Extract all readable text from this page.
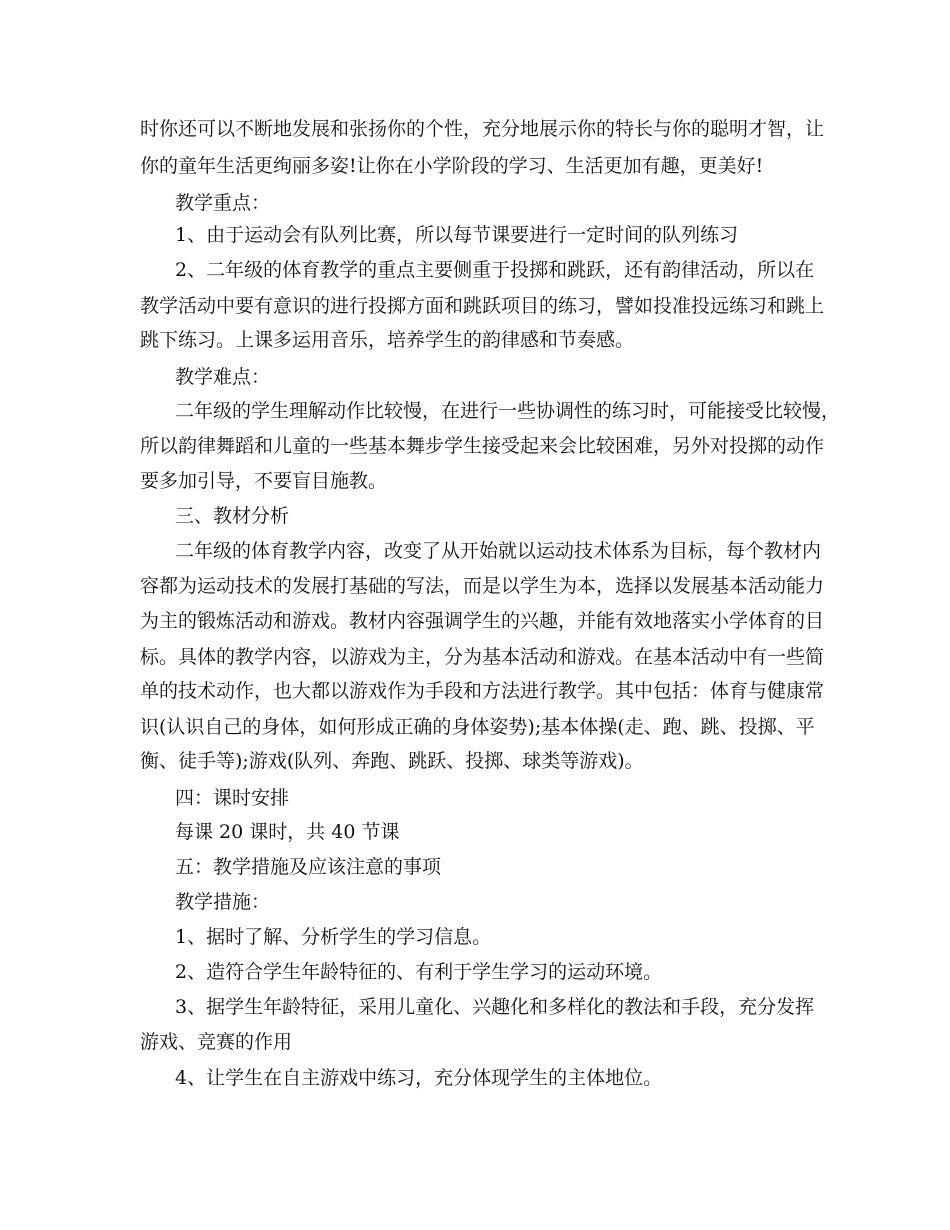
时你还可以不断地发展和张扬你的个性，充分地展示你的特长与你的聪明才智，让
你的童年生活更绚丽多姿!让你在小学阶段的学习、生活更加有趣，更美好!
教学重点：
1、由于运动会有队列比赛，所以每节课要进行一定时间的队列练习
2、二年级的体育教学的重点主要侧重于投掷和跳跃，还有韵律活动，所以在
教学活动中要有意识的进行投掷方面和跳跃项目的练习，譬如投准投远练习和跳上
跳下练习。上课多运用音乐，培养学生的韵律感和节奏感。
教学难点：
二年级的学生理解动作比较慢，在进行一些协调性的练习时，可能接受比较慢，
所以韵律舞蹈和儿童的一些基本舞步学生接受起来会比较困难，另外对投掷的动作
要多加引导，不要盲目施教。
三、教材分析
二年级的体育教学内容，改变了从开始就以运动技术体系为目标，每个教材内
容都为运动技术的发展打基础的写法，而是以学生为本，选择以发展基本活动能力
为主的锻炼活动和游戏。教材内容强调学生的兴趣，并能有效地落实小学体育的目
标。具体的教学内容，以游戏为主，分为基本活动和游戏。在基本活动中有一些简
单的技术动作，也大都以游戏作为手段和方法进行教学。其中包括：体育与健康常
识(认识自己的身体，如何形成正确的身体姿势);基本体操(走、跑、跳、投掷、平
衡、徒手等);游戏(队列、奔跑、跳跃、投掷、球类等游戏)。
四：课时安排
每课 20 课时，共 40 节课
五：教学措施及应该注意的事项
教学措施：
1、据时了解、分析学生的学习信息。
2、造符合学生年龄特征的、有利于学生学习的运动环境。
3、据学生年龄特征，采用儿童化、兴趣化和多样化的教法和手段，充分发挥
游戏、竞赛的作用
4、让学生在自主游戏中练习，充分体现学生的主体地位。
